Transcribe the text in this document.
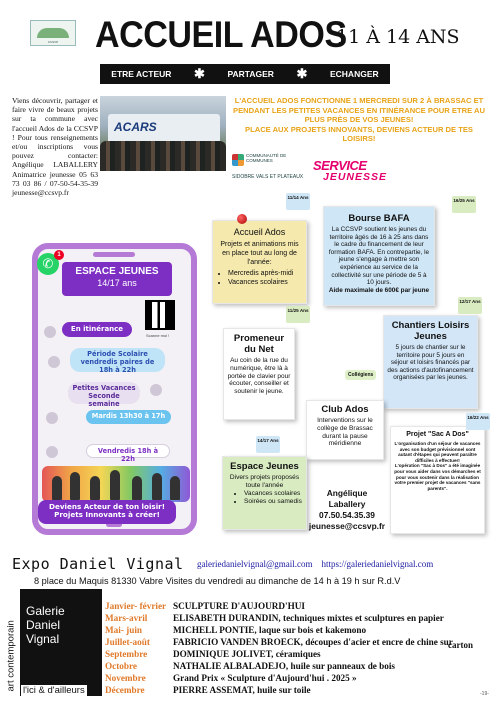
CCSVP ACCUEIL ADOS
11 À 14 ANS
ETRE ACTEUR ✱	PARTAGER ✱	ECHANGER
Viens découvrir, partager et faire vivre de beaux projets sur ta commune avec l'accueil Ados de la CCSVP ! Pour tous renseignements et/ou inscriptions vous pouvez contacter: Angélique LABALLERY Animatrice jeunesse 05 63 73 03 86 / 07-50-54-35-39 jeunesse@ccsvp.fr
ACARS
L'ACCUEIL ADOS FONCTIONNE 1 MERCREDI SUR 2 À BRASSAC ET
PENDANT LES PETITES VACANCES EN ITINÉRANCE POUR ETRE AU
PLUS PRÈS DE VOS JEUNES!
PLACE AUX PROJETS INNOVANTS, DEVIENS ACTEUR DE TES LOISIRS!
COMMUNAUTÉ DE COMMUNES
SIDOBRE VALS ET PLATEAUX
SERVICE
JEUNESSE
✆
1
ESPACE JEUNES
14/17 ans
Scanne moi !
En itinérance
Période Scolaire vendredis paires de 18h à 22h
Petites Vacances Seconde semaine
Mardis 13h30 à 17h
Vendredis 18h à 22h
Deviens Acteur de ton loisir! Projets Innovants à créer!
Accueil Ados
Projets et animations mis en place tout au long de l'année:
• Mercredis après-midi
• Vacances scolaires
11/14 Ans
Bourse BAFA
La CCSVP soutient les jeunes du territoire âgés de 16 à 25 ans dans le cadre du financement de leur formation BAFA. En contrepartie, le jeune s'engage à mettre son expérience au service de la collectivité sur une période de 5 à 10 jours.
Aide maximale de 600€ par jeune
16/25 Ans
Promeneur du Net
Au coin de la rue du numérique, être là à portée de clavier pour écouter, conseiller et soutenir le jeune.
11/25 Ans
Chantiers Loisirs Jeunes
5 jours de chantier sur le territoire pour 5 jours en séjour et loisirs financés par des actions d'autofinancement organisées par les jeunes.
12/17 Ans
Collégiens
Club Ados
Interventions sur le collège de Brassac durant la pause méridienne
Projet "Sac A Dos"
L'organisation d'un séjour de vacances avec son budget prévisionnel sont autant d'étapes qui peuvent paraître difficiles à effectuer!
L'opération "Sac à Dos" a été imaginée pour vous aider dans vos démarches et pour vous soutenir dans la réalisation votre premier projet de vacances "sans parents".
16/22 Ans
Espace Jeunes
Divers projets proposés toute l'année
• Vacances scolaires
• Soirées ou samedis
14/17 Ans
Angélique
Laballery
07.50.54.35.39
jeunesse@ccsvp.fr
Expo Daniel Vignal galeriedanielvignal@gmail.com https://galeriedanielvignal.com
8 place du Maquis 81330 Vabre Visites du vendredi au dimanche de 14 h à 19 h sur R.d.V
art contemporain
Galerie
Daniel
Vignal
l'ici & d'ailleurs
Janvier- février SCULPTURE D'AUJOURD'HUI
Mars-avril	ELISABETH DURANDIN, techniques mixtes et sculptures en papier
Mai- juin	MICHELL PONTIE, laque sur bois et kakemono
Juillet-août	FABRICIO VANDEN BROECK, découpes d'acier et encre de chine sur
Septembre	DOMINIQUE JOLIVET, céramiques
Octobre	NATHALIE ALBALADEJO, huile sur panneaux de bois
Novembre	Grand Prix « Sculpture d'Aujourd'hui . 2025 »
Décembre	PIERRE ASSEMAT, huile sur toile
carton
-19-
